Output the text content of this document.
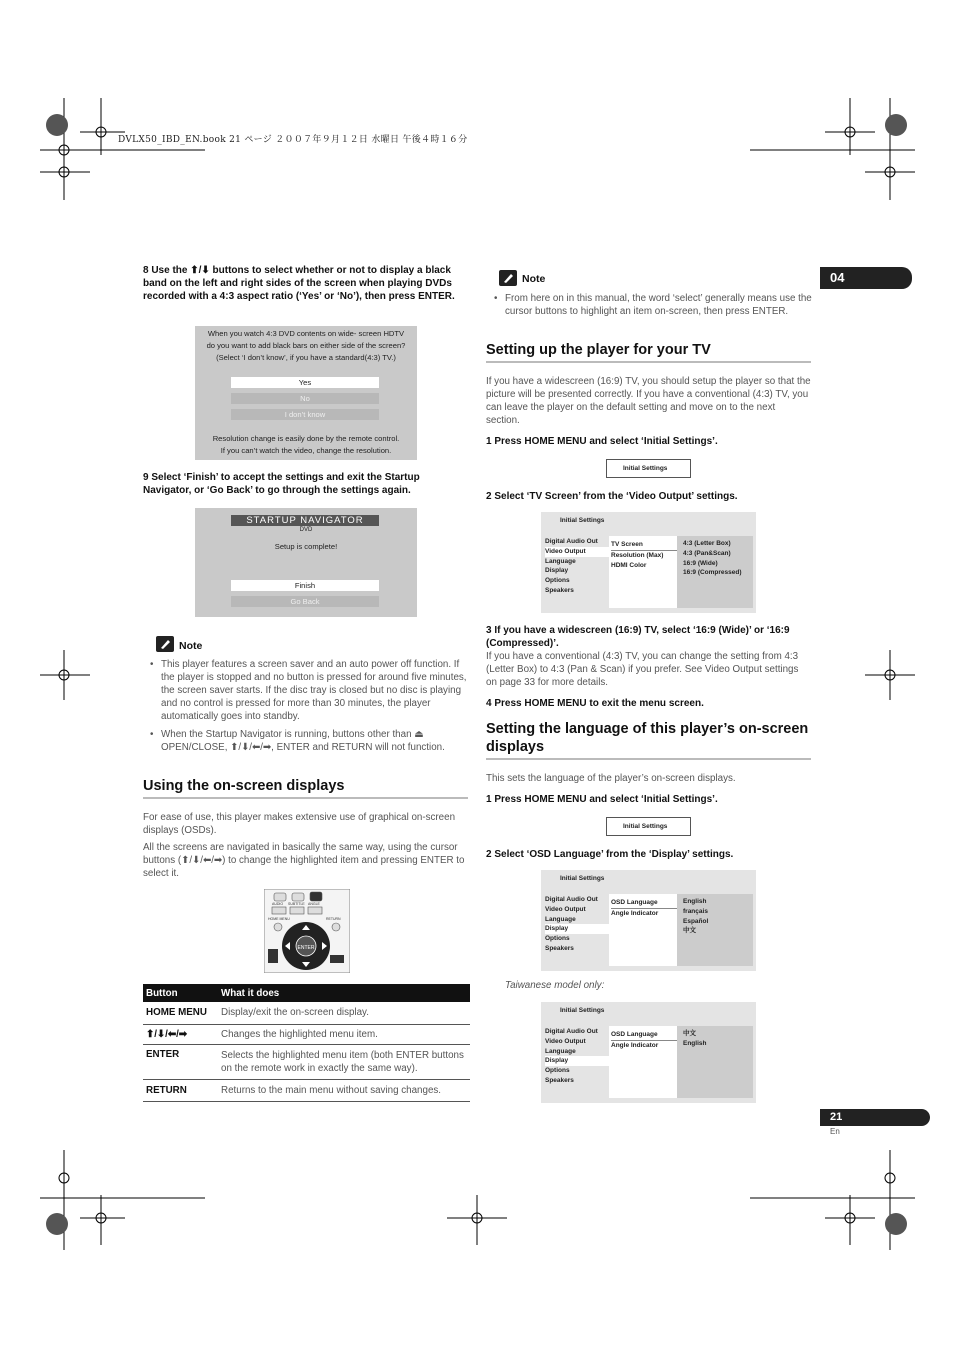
DVLX50_IBD_EN.book 21 ページ ２００７年９月１２日 水曜日 午後４時１６分
04
21
En
8 Use the ⬆/⬇ buttons to select whether or not to display a black band on the left and right sides of the screen when playing DVDs recorded with a 4:3 aspect ratio (‘Yes’ or ‘No’), then press ENTER.
When you watch 4:3 DVD contents on wide- screen HDTV
do you want to add black bars on either side of the screen?
(Select ‘I don’t know’, if you have a standard(4:3) TV.)
Yes
No
I don’t know
Resolution change is easily done by the remote control.
If you can’t watch the video, change the resolution.
9 Select ‘Finish’ to accept the settings and exit the Startup Navigator, or ‘Go Back’ to go through the settings again.
STARTUP NAVIGATOR
DVD
Setup is complete!
Finish
Go Back
Note
• This player features a screen saver and an auto power off function. If the player is stopped and no button is pressed for around five minutes, the screen saver starts. If the disc tray is closed but no disc is playing and no control is pressed for more than 30 minutes, the player automatically goes into standby.
• When the Startup Navigator is running, buttons other than ⏏ OPEN/CLOSE, ⬆/⬇/⬅/➡, ENTER and RETURN will not function.
Using the on-screen displays
For ease of use, this player makes extensive use of graphical on-screen displays (OSDs).
All the screens are navigated in basically the same way, using the cursor buttons (⬆/⬇/⬅/➡) to change the highlighted item and pressing ENTER to select it.
ENTER
AUDIO SUBTITLE ANGLE
HOME MENU	RETURN
Button	What it does
HOME MENU	Display/exit the on-screen display.
⬆/⬇/⬅/➡	Changes the highlighted menu item.
ENTER	Selects the highlighted menu item (both ENTER buttons on the remote work in exactly the same way).
RETURN	Returns to the main menu without saving changes.
Note
• From here on in this manual, the word ‘select’ generally means use the cursor buttons to highlight an item on-screen, then press ENTER.
Setting up the player for your TV
If you have a widescreen (16:9) TV, you should setup the player so that the picture will be presented correctly. If you have a conventional (4:3) TV, you can leave the player on the default setting and move on to the next section.
1 Press HOME MENU and select ‘Initial Settings’.
Initial Settings
2 Select ‘TV Screen’ from the ‘Video Output’ settings.
Initial Settings
Digital Audio Out
Video Output
Language
Display
Options
Speakers
TV Screen
Resolution (Max)
HDMI Color
4:3 (Letter Box)
4:3 (Pan&Scan)
16:9 (Wide)
16:9 (Compressed)
3 If you have a widescreen (16:9) TV, select ‘16:9 (Wide)’ or ‘16:9 (Compressed)’.
If you have a conventional (4:3) TV, you can change the setting from 4:3 (Letter Box) to 4:3 (Pan & Scan) if you prefer. See Video Output settings on page 33 for more details.
4 Press HOME MENU to exit the menu screen.
Setting the language of this player’s on-screen displays
This sets the language of the player’s on-screen displays.
1 Press HOME MENU and select ‘Initial Settings’.
Initial Settings
2 Select ‘OSD Language’ from the ‘Display’ settings.
Initial Settings
Digital Audio Out
Video Output
Language
Display
Options
Speakers
OSD Language
Angle Indicator
English
français
Español
中文
Taiwanese model only:
Initial Settings
Digital Audio Out
Video Output
Language
Display
Options
Speakers
OSD Language
Angle Indicator
中文
English
